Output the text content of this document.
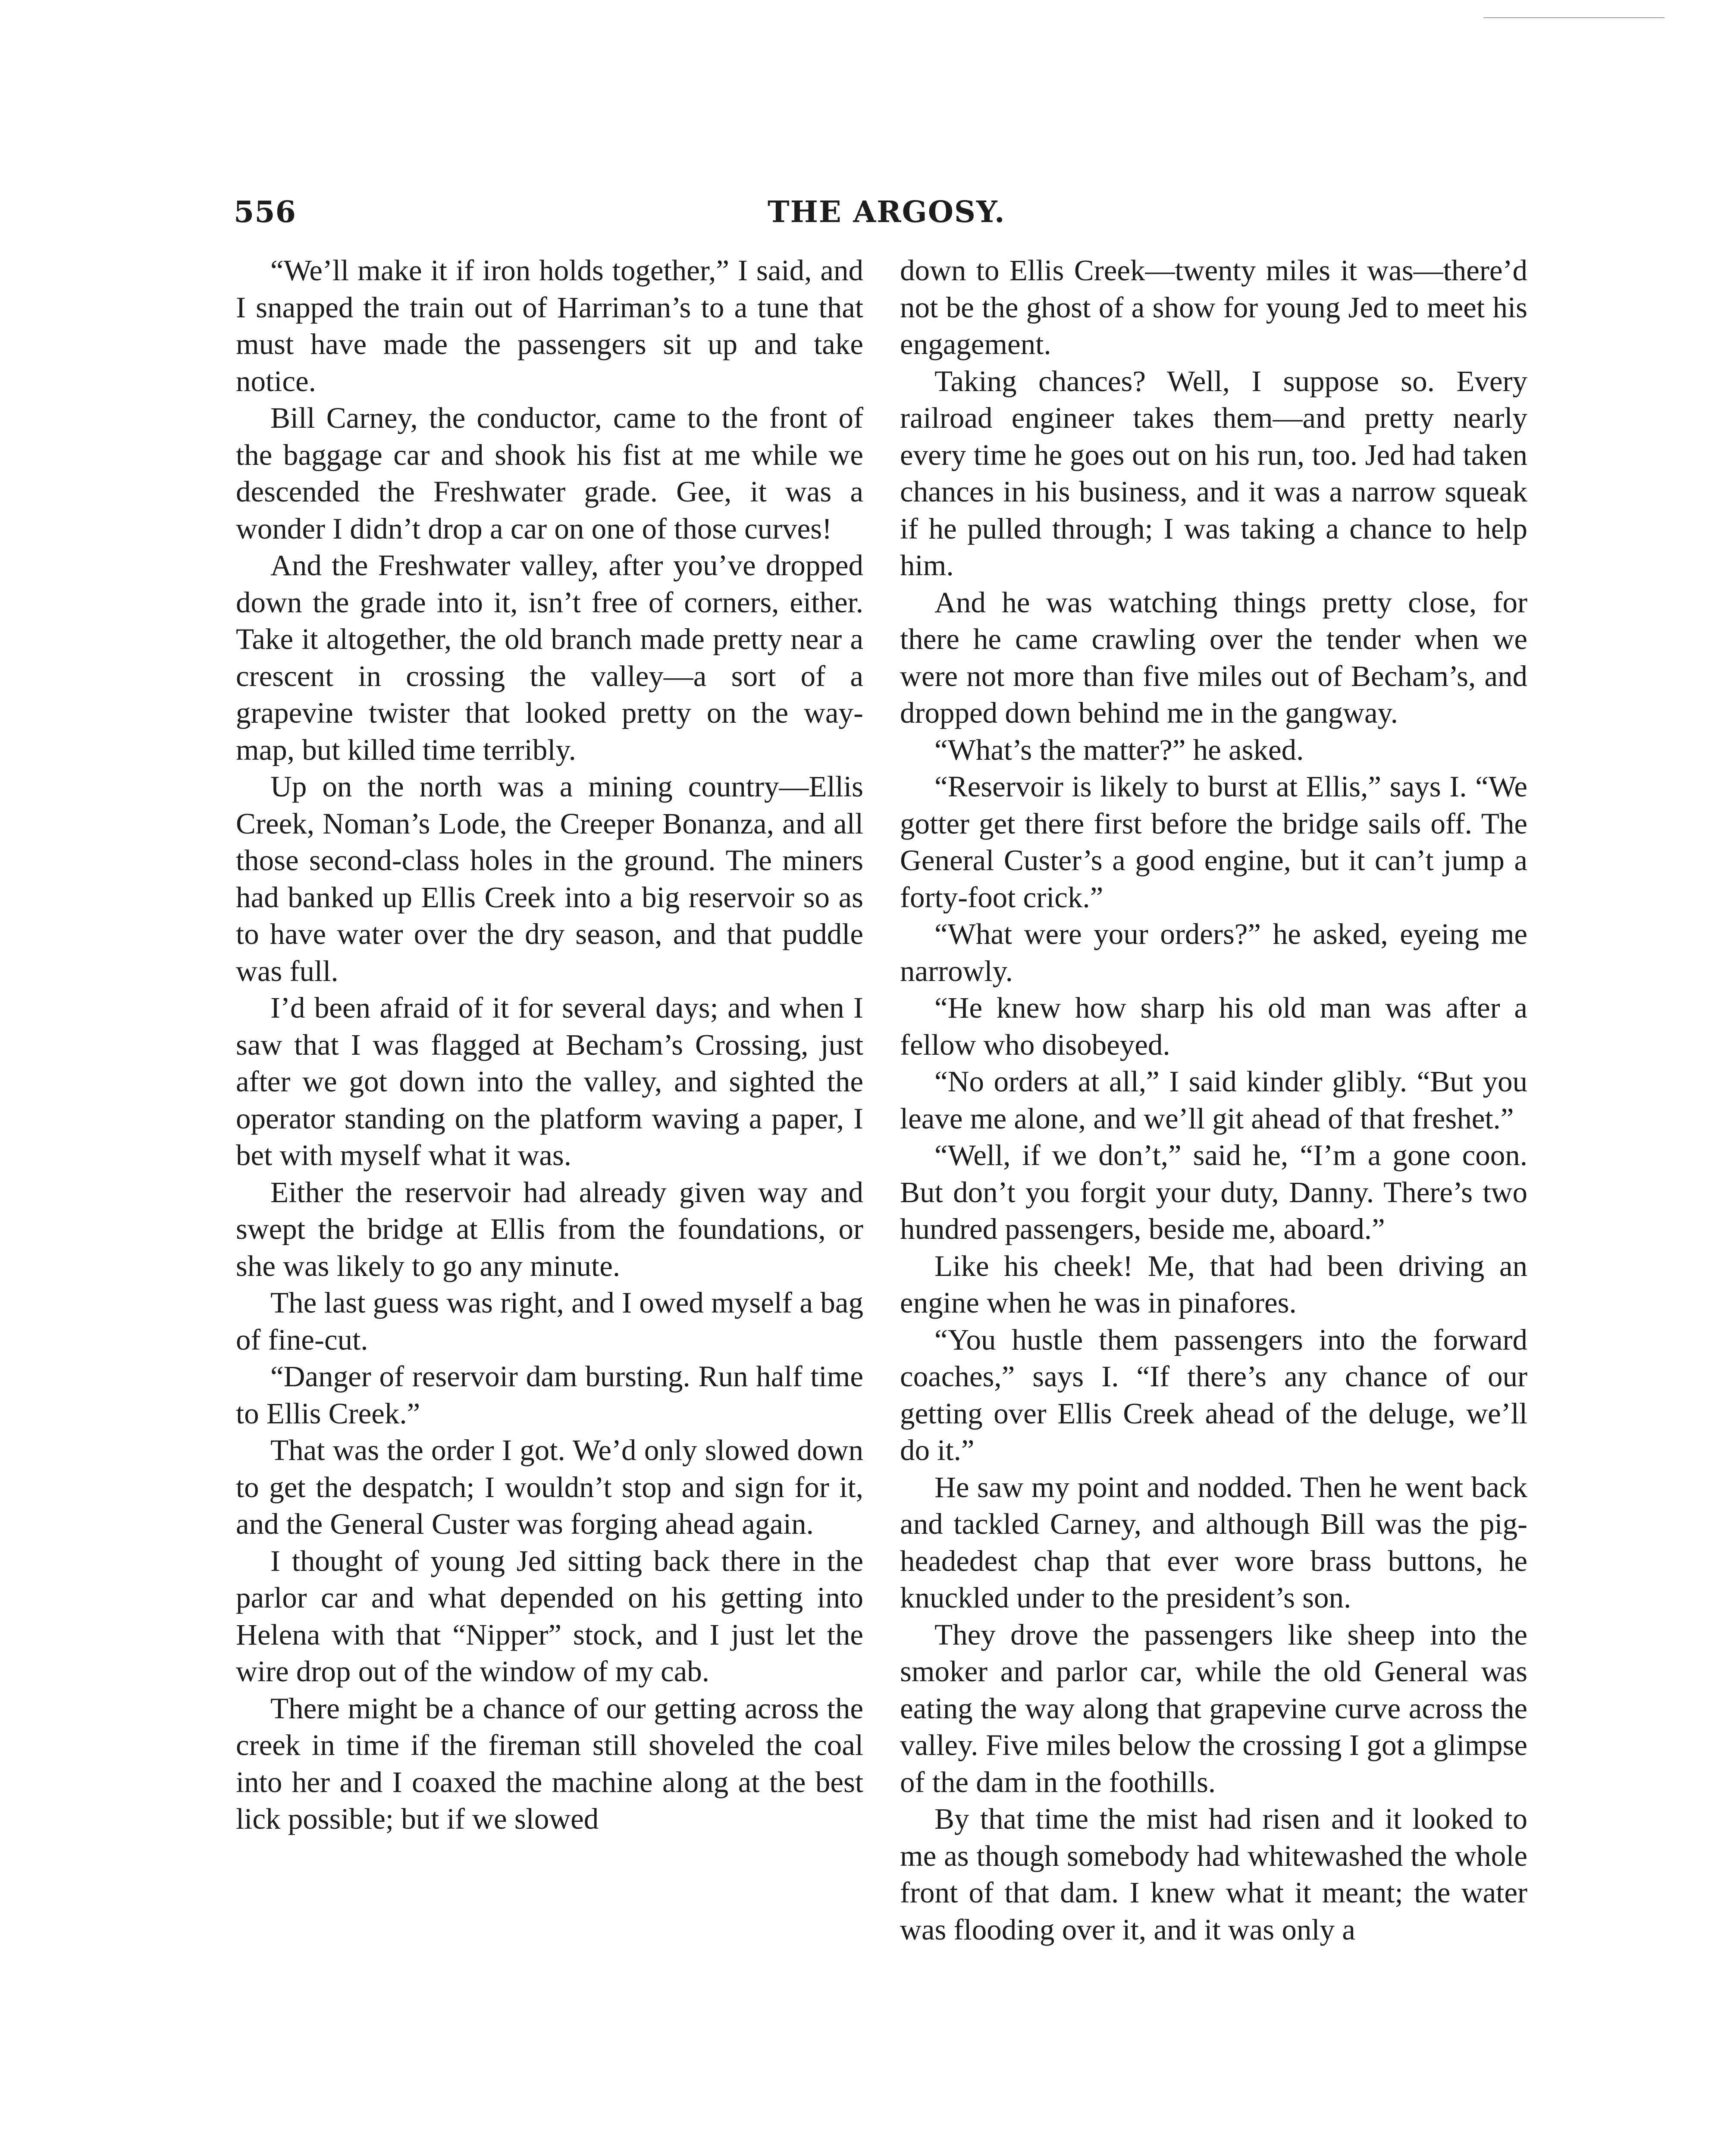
556	THE ARGOSY.

“We’ll make it if iron holds together,” I said, and I snapped the train out of Harriman’s to a tune that must have made the passengers sit up and take notice.

Bill Carney, the conductor, came to the front of the baggage car and shook his fist at me while we descended the Freshwater grade. Gee, it was a wonder I didn’t drop a car on one of those curves!

And the Freshwater valley, after you’ve dropped down the grade into it, isn’t free of corners, either. Take it altogether, the old branch made pretty near a crescent in crossing the valley—a sort of a grapevine twister that looked pretty on the way-map, but killed time terribly.

Up on the north was a mining country—Ellis Creek, Noman’s Lode, the Creeper Bonanza, and all those second-class holes in the ground. The miners had banked up Ellis Creek into a big reservoir so as to have water over the dry season, and that puddle was full.

I’d been afraid of it for several days; and when I saw that I was flagged at Becham’s Crossing, just after we got down into the valley, and sighted the operator standing on the platform waving a paper, I bet with myself what it was.

Either the reservoir had already given way and swept the bridge at Ellis from the foundations, or she was likely to go any minute.

The last guess was right, and I owed myself a bag of fine-cut.

“Danger of reservoir dam bursting. Run half time to Ellis Creek.”

That was the order I got. We’d only slowed down to get the despatch; I wouldn’t stop and sign for it, and the General Custer was forging ahead again.

I thought of young Jed sitting back there in the parlor car and what depended on his getting into Helena with that “Nipper” stock, and I just let the wire drop out of the window of my cab.

There might be a chance of our getting across the creek in time if the fireman still shoveled the coal into her and I coaxed the machine along at the best lick possible; but if we slowed

down to Ellis Creek—twenty miles it was—there’d not be the ghost of a show for young Jed to meet his engagement.

Taking chances? Well, I suppose so. Every railroad engineer takes them—and pretty nearly every time he goes out on his run, too. Jed had taken chances in his business, and it was a narrow squeak if he pulled through; I was taking a chance to help him.

And he was watching things pretty close, for there he came crawling over the tender when we were not more than five miles out of Becham’s, and dropped down behind me in the gangway.

“What’s the matter?” he asked.

“Reservoir is likely to burst at Ellis,” says I. “We gotter get there first before the bridge sails off. The General Custer’s a good engine, but it can’t jump a forty-foot crick.”

“What were your orders?” he asked, eyeing me narrowly.

“He knew how sharp his old man was after a fellow who disobeyed.

“No orders at all,” I said kinder glibly. “But you leave me alone, and we’ll git ahead of that freshet.”

“Well, if we don’t,” said he, “I’m a gone coon. But don’t you forgit your duty, Danny. There’s two hundred passengers, beside me, aboard.”

Like his cheek! Me, that had been driving an engine when he was in pinafores.

“You hustle them passengers into the forward coaches,” says I. “If there’s any chance of our getting over Ellis Creek ahead of the deluge, we’ll do it.”

He saw my point and nodded. Then he went back and tackled Carney, and although Bill was the pig-headedest chap that ever wore brass buttons, he knuckled under to the president’s son.

They drove the passengers like sheep into the smoker and parlor car, while the old General was eating the way along that grapevine curve across the valley. Five miles below the crossing I got a glimpse of the dam in the foothills.

By that time the mist had risen and it looked to me as though somebody had whitewashed the whole front of that dam. I knew what it meant; the water was flooding over it, and it was only a
